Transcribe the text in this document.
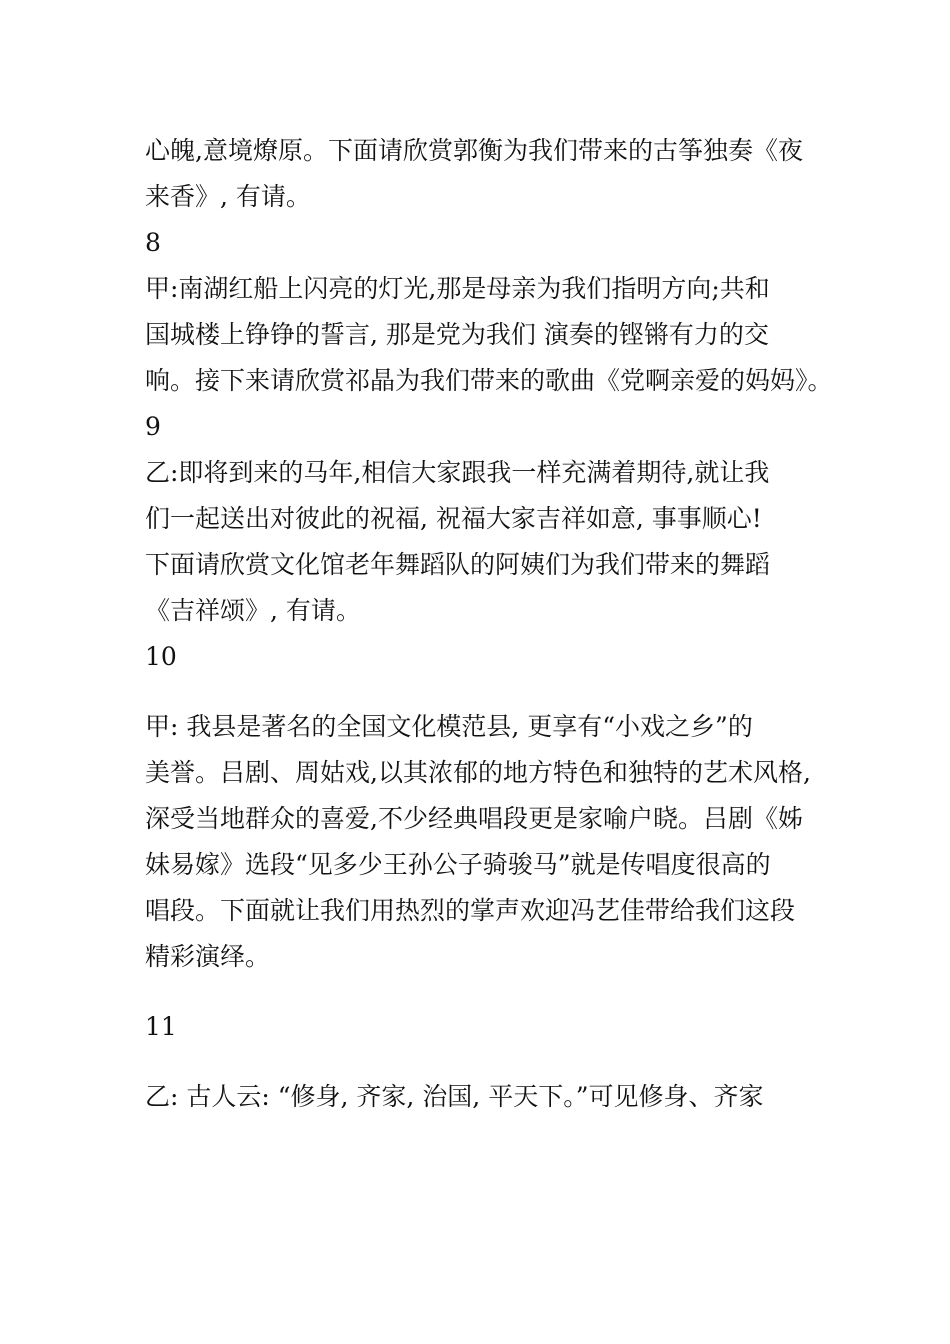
心魄,意境燎原。下面请欣赏郭衡为我们带来的古筝独奏《夜
来香》, 有请。
8
甲:南湖红船上闪亮的灯光,那是母亲为我们指明方向;共和
国城楼上铮铮的誓言, 那是党为我们 演奏的铿锵有力的交
响。接下来请欣赏祁晶为我们带来的歌曲《党啊亲爱的妈妈》。
9
乙:即将到来的马年,相信大家跟我一样充满着期待,就让我
们一起送出对彼此的祝福, 祝福大家吉祥如意, 事事顺心!
下面请欣赏文化馆老年舞蹈队的阿姨们为我们带来的舞蹈
《吉祥颂》, 有请。
10
甲: 我县是著名的全国文化模范县, 更享有“小戏之乡”的
美誉。吕剧、周姑戏,以其浓郁的地方特色和独特的艺术风格,
深受当地群众的喜爱,不少经典唱段更是家喻户晓。吕剧《姊
妹易嫁》选段“见多少王孙公子骑骏马”就是传唱度很高的
唱段。下面就让我们用热烈的掌声欢迎冯艺佳带给我们这段
精彩演绎。
11
乙: 古人云: “修身, 齐家, 治国, 平天下。”可见修身、齐家
